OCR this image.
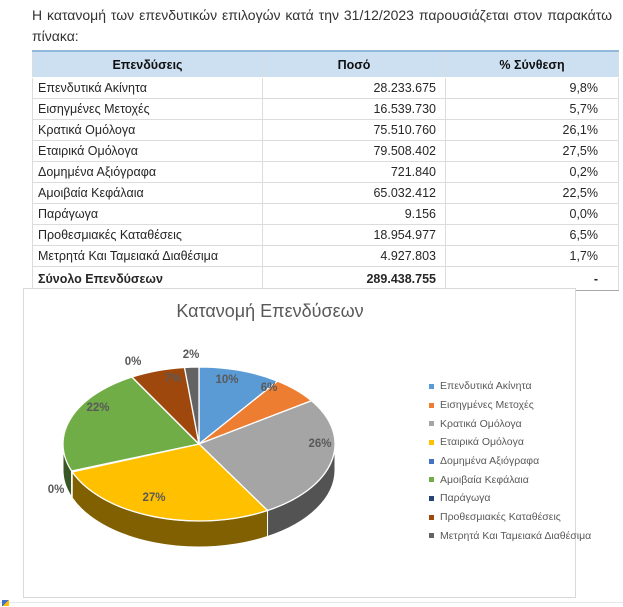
Η κατανομή των επενδυτικών επιλογών κατά την 31/12/2023 παρουσιάζεται στον παρακάτω πίνακα:
Επενδύσεις	Ποσό	% Σύνθεση
Επενδυτικά Ακίνητα	28.233.675	9,8%
Εισηγμένες Μετοχές	16.539.730	5,7%
Κρατικά Ομόλογα	75.510.760	26,1%
Εταιρικά Ομόλογα	79.508.402	27,5%
Δομημένα Αξιόγραφα	721.840	0,2%
Αμοιβαία Κεφάλαια	65.032.412	22,5%
Παράγωγα	9.156	0,0%
Προθεσμιακές Καταθέσεις	18.954.977	6,5%
Μετρητά Και Ταμειακά Διαθέσιμα	4.927.803	1,7%
Σύνολο Επενδύσεων	289.438.755	-
Κατανομή Επενδύσεων
10%
6%
26%
27%
0%
22%
0%
7%
2%
Επενδυτικά Ακίνητα
Εισηγμένες Μετοχές
Κρατικά Ομόλογα
Εταιρικά Ομόλογα
Δομημένα Αξιόγραφα
Αμοιβαία Κεφάλαια
Παράγωγα
Προθεσμιακές Καταθέσεις
Μετρητά Και Ταμειακά Διαθέσιμα
